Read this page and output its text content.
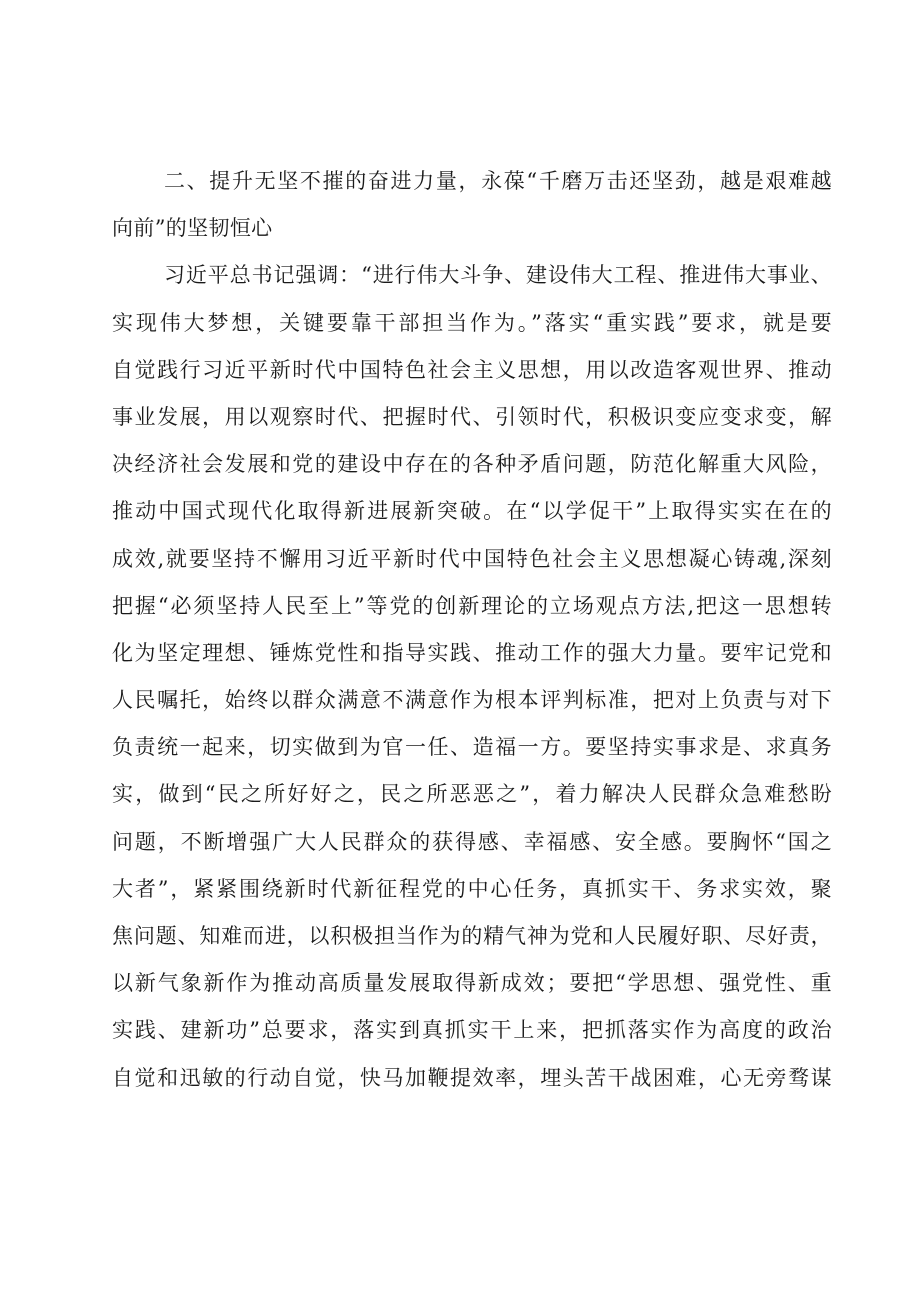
二、提升无坚不摧的奋进力量，永葆“千磨万击还坚劲，越是艰难越
向前”的坚韧恒心
习近平总书记强调：“进行伟大斗争、建设伟大工程、推进伟大事业、
实现伟大梦想，关键要靠干部担当作为。”落实“重实践”要求，就是要
自觉践行习近平新时代中国特色社会主义思想，用以改造客观世界、推动
事业发展，用以观察时代、把握时代、引领时代，积极识变应变求变，解
决经济社会发展和党的建设中存在的各种矛盾问题，防范化解重大风险，
推动中国式现代化取得新进展新突破。在“以学促干”上取得实实在在的
成效,就要坚持不懈用习近平新时代中国特色社会主义思想凝心铸魂,深刻
把握“必须坚持人民至上”等党的创新理论的立场观点方法,把这一思想转
化为坚定理想、锤炼党性和指导实践、推动工作的强大力量。要牢记党和
人民嘱托，始终以群众满意不满意作为根本评判标准，把对上负责与对下
负责统一起来，切实做到为官一任、造福一方。要坚持实事求是、求真务
实，做到“民之所好好之，民之所恶恶之”，着力解决人民群众急难愁盼
问题，不断增强广大人民群众的获得感、幸福感、安全感。要胸怀“国之
大者”，紧紧围绕新时代新征程党的中心任务，真抓实干、务求实效，聚
焦问题、知难而进，以积极担当作为的精气神为党和人民履好职、尽好责，
以新气象新作为推动高质量发展取得新成效；要把“学思想、强党性、重
实践、建新功”总要求，落实到真抓实干上来，把抓落实作为高度的政治
自觉和迅敏的行动自觉，快马加鞭提效率，埋头苦干战困难，心无旁骛谋
